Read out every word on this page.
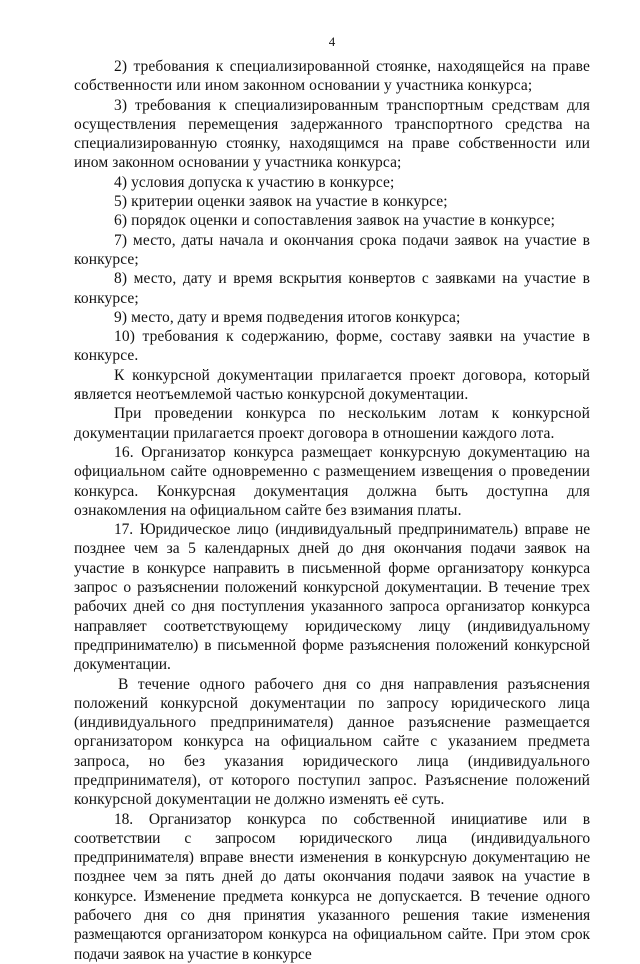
4

2) требования к специализированной стоянке, находящейся на праве собственности или ином законном основании у участника конкурса;

3) требования к специализированным транспортным средствам для осуществления перемещения задержанного транспортного средства на специализированную стоянку, находящимся на праве собственности или ином законном основании у участника конкурса;

4) условия допуска к участию в конкурсе;

5) критерии оценки заявок на участие в конкурсе;

6) порядок оценки и сопоставления заявок на участие в конкурсе;

7) место, даты начала и окончания срока подачи заявок на участие в конкурсе;

8) место, дату и время вскрытия конвертов с заявками на участие в конкурсе;

9) место, дату и время подведения итогов конкурса;

10) требования к содержанию, форме, составу заявки на участие в конкурсе.

К конкурсной документации прилагается проект договора, который является неотъемлемой частью конкурсной документации.

При проведении конкурса по нескольким лотам к конкурсной документации прилагается проект договора в отношении каждого лота.

16. Организатор конкурса размещает конкурсную документацию на официальном сайте одновременно с размещением извещения о проведении конкурса. Конкурсная документация должна быть доступна для ознакомления на официальном сайте без взимания платы.

17. Юридическое лицо (индивидуальный предприниматель) вправе не позднее чем за 5 календарных дней до дня окончания подачи заявок на участие в конкурсе направить в письменной форме организатору конкурса запрос о разъяснении положений конкурсной документации. В течение трех рабочих дней со дня поступления указанного запроса организатор конкурса направляет соответствующему юридическому лицу (индивидуальному предпринимателю) в письменной форме разъяснения положений конкурсной документации.

В течение одного рабочего дня со дня направления разъяснения положений конкурсной документации по запросу юридического лица (индивидуального предпринимателя) данное разъяснение размещается организатором конкурса на официальном сайте с указанием предмета запроса, но без указания юридического лица (индивидуального предпринимателя), от которого поступил запрос. Разъяснение положений конкурсной документации не должно изменять её суть.

18. Организатор конкурса по собственной инициативе или в соответствии с запросом юридического лица (индивидуального предпринимателя) вправе внести изменения в конкурсную документацию не позднее чем за пять дней до даты окончания подачи заявок на участие в конкурсе. Изменение предмета конкурса не допускается. В течение одного рабочего дня со дня принятия указанного решения такие изменения размещаются организатором конкурса на официальном сайте. При этом срок подачи заявок на участие в конкурсе
